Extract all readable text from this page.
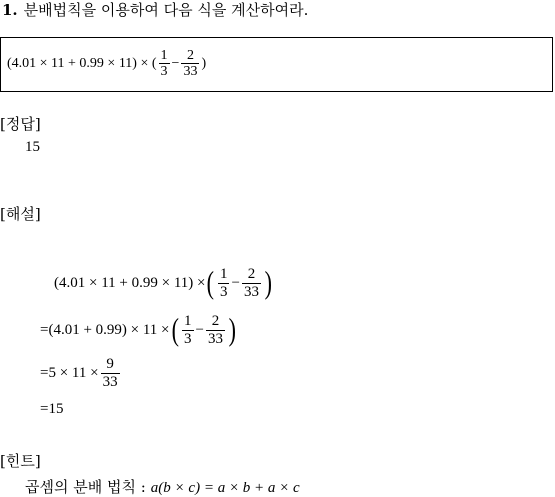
1. 분배법칙을 이용하여 다음 식을 계산하여라.
(4.01 × 11 + 0.99 × 11) × ( $\frac{1}{3} - \frac{2}{33}$ )
[정답]
15
[해설]
(4.01 × 11 + 0.99 × 11) × ( $\frac{1}{3} - \frac{2}{33}$ )
=(4.01 + 0.99) × 11 × ( $\frac{1}{3} - \frac{2}{33}$ )
$=5 \times 11 \times \frac{9}{33}$
=15
[힌트]
곱셈의 분배 법칙 : a(b × c) = a × b + a × c
